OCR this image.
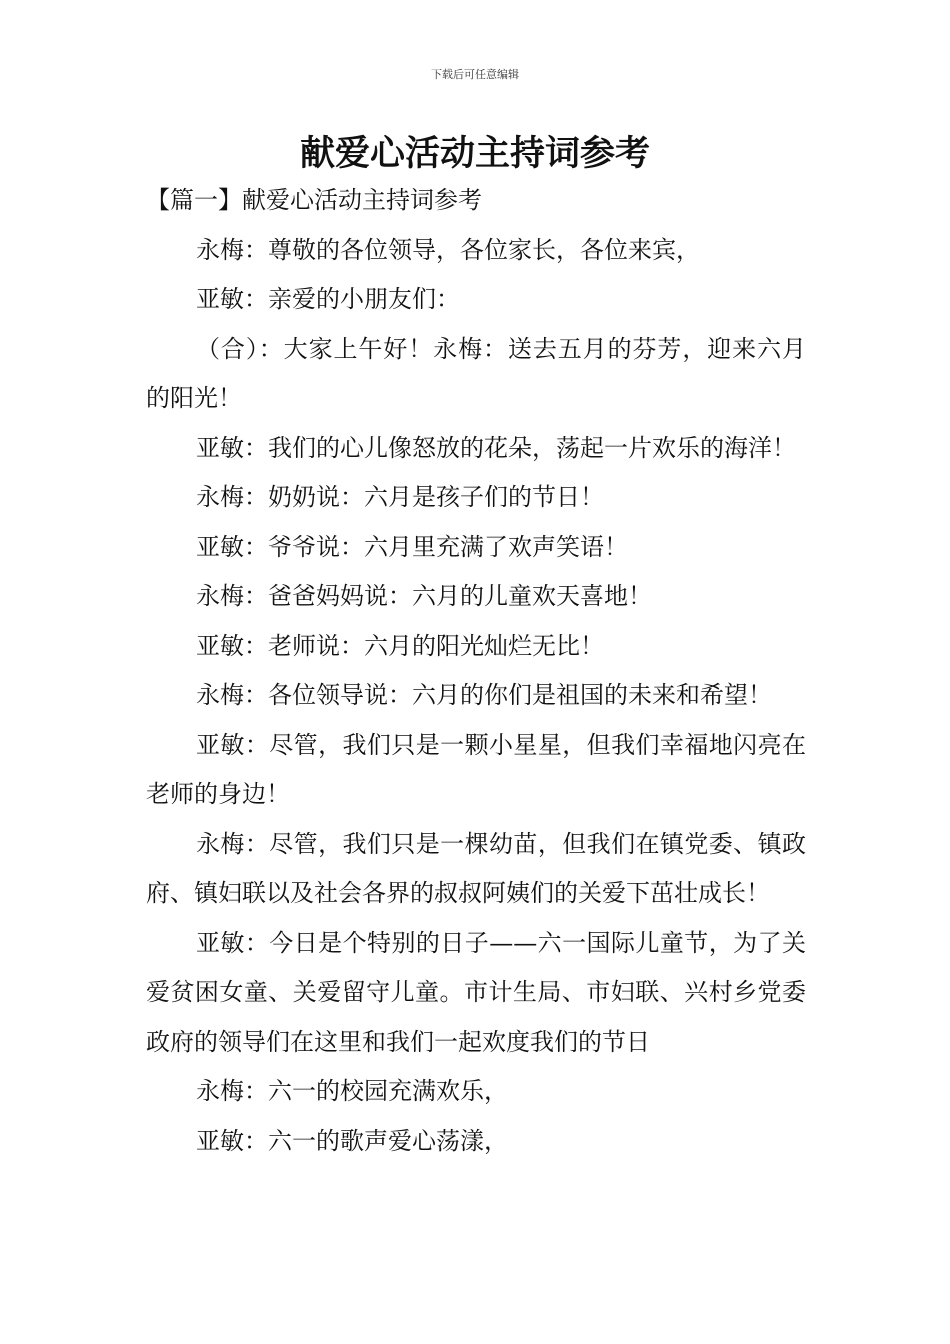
下载后可任意编辑
献爱心活动主持词参考

【篇一】献爱心活动主持词参考

永梅：尊敬的各位领导，各位家长，各位来宾，

亚敏：亲爱的小朋友们：

（合）：大家上午好！永梅：送去五月的芬芳，迎来六月的阳光！

亚敏：我们的心儿像怒放的花朵，荡起一片欢乐的海洋！

永梅：奶奶说：六月是孩子们的节日！

亚敏：爷爷说：六月里充满了欢声笑语！

永梅：爸爸妈妈说：六月的儿童欢天喜地！

亚敏：老师说：六月的阳光灿烂无比！

永梅：各位领导说：六月的你们是祖国的未来和希望！

亚敏：尽管，我们只是一颗小星星，但我们幸福地闪亮在老师的身边！

永梅：尽管，我们只是一棵幼苗，但我们在镇党委、镇政府、镇妇联以及社会各界的叔叔阿姨们的关爱下茁壮成长！

亚敏：今日是个特别的日子——六一国际儿童节，为了关爱贫困女童、关爱留守儿童。市计生局、市妇联、兴村乡党委政府的领导们在这里和我们一起欢度我们的节日

永梅：六一的校园充满欢乐，

亚敏：六一的歌声爱心荡漾，
